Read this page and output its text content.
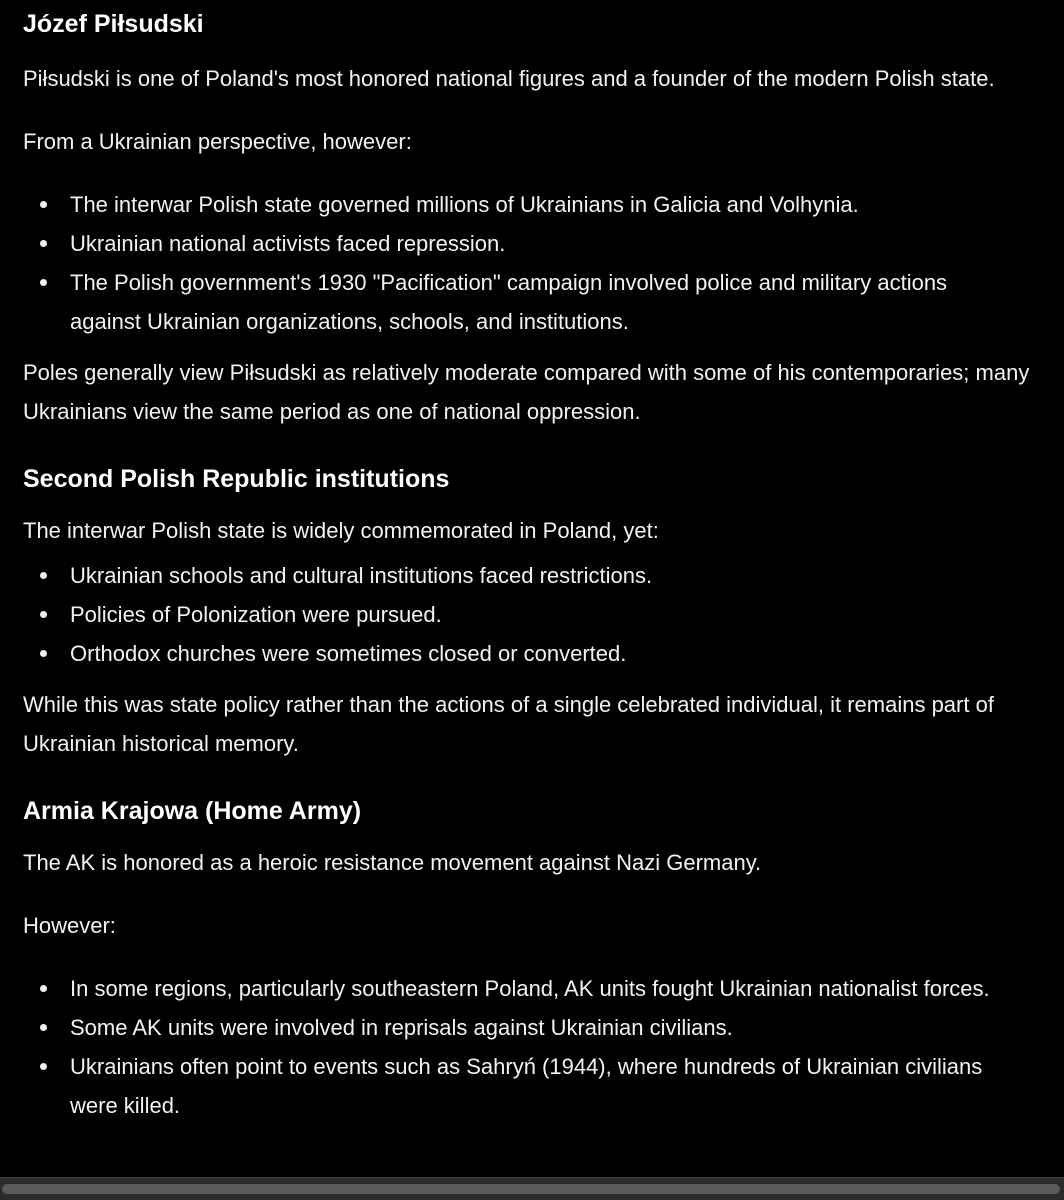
Józef Piłsudski

Piłsudski is one of Poland's most honored national figures and a founder of the modern Polish state.

From a Ukrainian perspective, however:

The interwar Polish state governed millions of Ukrainians in Galicia and Volhynia.
Ukrainian national activists faced repression.
The Polish government's 1930 "Pacification" campaign involved police and military actions against Ukrainian organizations, schools, and institutions.

Poles generally view Piłsudski as relatively moderate compared with some of his contemporaries; many Ukrainians view the same period as one of national oppression.

Second Polish Republic institutions

The interwar Polish state is widely commemorated in Poland, yet:

Ukrainian schools and cultural institutions faced restrictions.
Policies of Polonization were pursued.
Orthodox churches were sometimes closed or converted.

While this was state policy rather than the actions of a single celebrated individual, it remains part of Ukrainian historical memory.

Armia Krajowa (Home Army)

The AK is honored as a heroic resistance movement against Nazi Germany.

However:

In some regions, particularly southeastern Poland, AK units fought Ukrainian nationalist forces.
Some AK units were involved in reprisals against Ukrainian civilians.
Ukrainians often point to events such as Sahryń (1944), where hundreds of Ukrainian civilians were killed.
